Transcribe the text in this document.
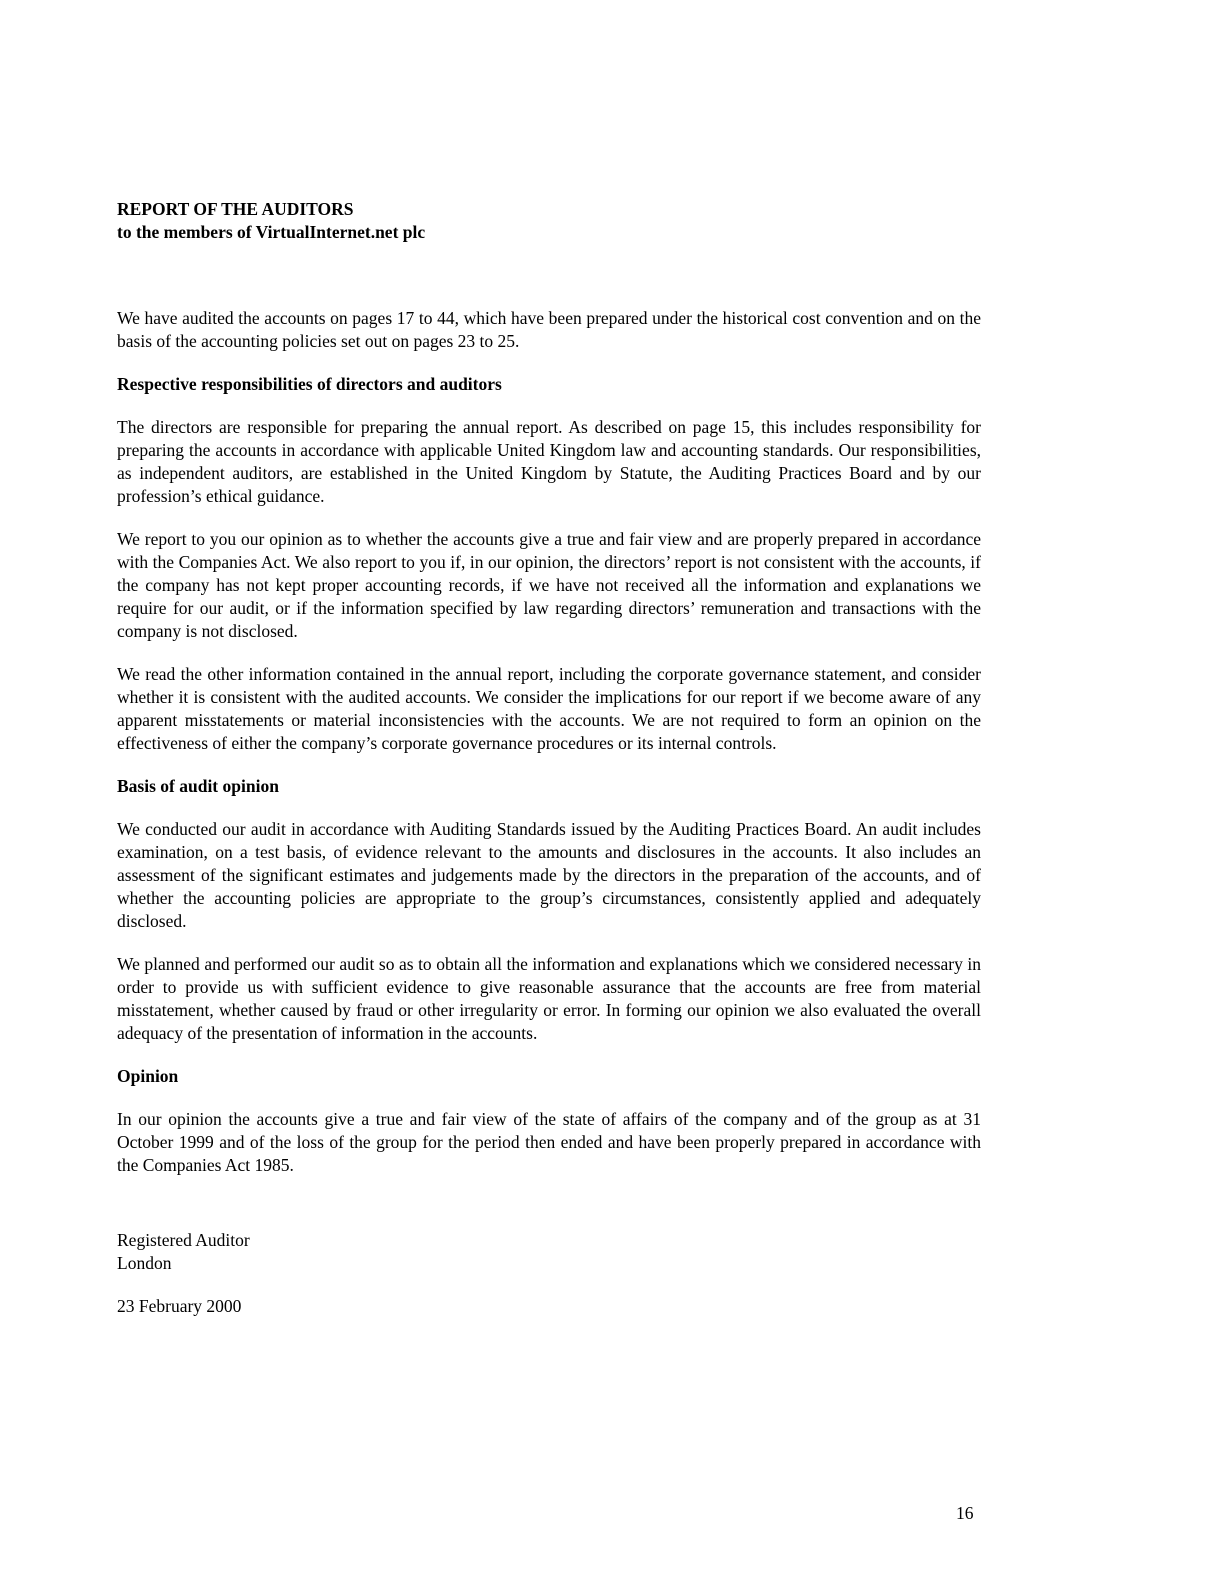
REPORT OF THE AUDITORS

to the members of VirtualInternet.net plc

We have audited the accounts on pages 17 to 44, which have been prepared under the historical cost convention and on the basis of the accounting policies set out on pages 23 to 25.

Respective responsibilities of directors and auditors

The directors are responsible for preparing the annual report. As described on page 15, this includes responsibility for preparing the accounts in accordance with applicable United Kingdom law and accounting standards. Our responsibilities, as independent auditors, are established in the United Kingdom by Statute, the Auditing Practices Board and by our profession’s ethical guidance.

We report to you our opinion as to whether the accounts give a true and fair view and are properly prepared in accordance with the Companies Act. We also report to you if, in our opinion, the directors’ report is not consistent with the accounts, if the company has not kept proper accounting records, if we have not received all the information and explanations we require for our audit, or if the information specified by law regarding directors’ remuneration and transactions with the company is not disclosed.

We read the other information contained in the annual report, including the corporate governance statement, and consider whether it is consistent with the audited accounts. We consider the implications for our report if we become aware of any apparent misstatements or material inconsistencies with the accounts. We are not required to form an opinion on the effectiveness of either the company’s corporate governance procedures or its internal controls.

Basis of audit opinion

We conducted our audit in accordance with Auditing Standards issued by the Auditing Practices Board. An audit includes examination, on a test basis, of evidence relevant to the amounts and disclosures in the accounts. It also includes an assessment of the significant estimates and judgements made by the directors in the preparation of the accounts, and of whether the accounting policies are appropriate to the group’s circumstances, consistently applied and adequately disclosed.

We planned and performed our audit so as to obtain all the information and explanations which we considered necessary in order to provide us with sufficient evidence to give reasonable assurance that the accounts are free from material misstatement, whether caused by fraud or other irregularity or error. In forming our opinion we also evaluated the overall adequacy of the presentation of information in the accounts.

Opinion

In our opinion the accounts give a true and fair view of the state of affairs of the company and of the group as at 31 October 1999 and of the loss of the group for the period then ended and have been properly prepared in accordance with the Companies Act 1985.

Registered Auditor

London

23 February 2000

16
